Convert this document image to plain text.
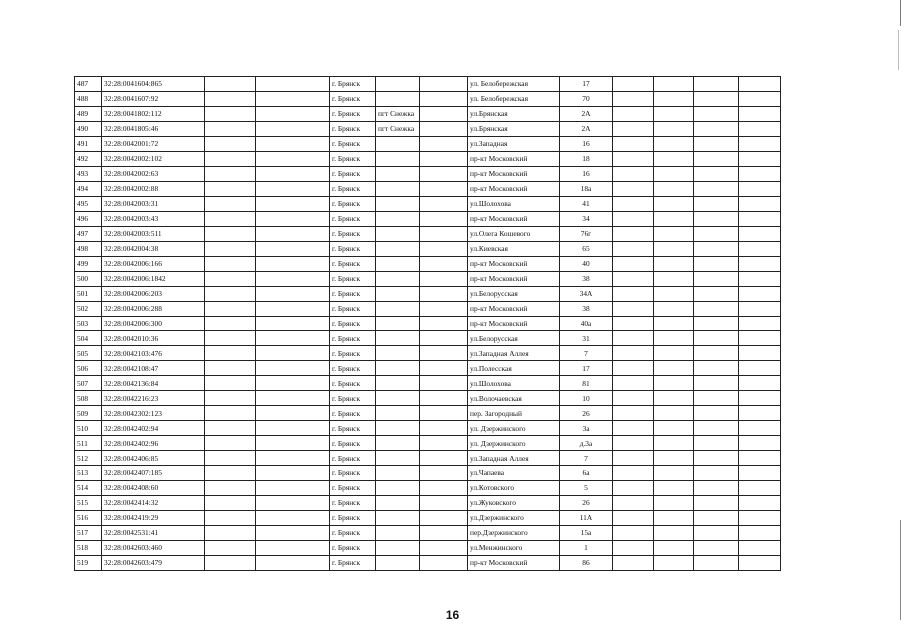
487	32:28:0041604:865			г. Брянск			ул. Белобережская	17				
488	32:28:0041607:92			г. Брянск			ул. Белобережская	70				
489	32:28:0041802:112			г. Брянск	пгт Снежка		ул.Брянская	2А				
490	32:28:0041805:46			г. Брянск	пгт Снежка		ул.Брянская	2А				
491	32:28:0042001:72			г. Брянск			ул.Западная	16				
492	32:28:0042002:102			г. Брянск			пр-кт Московский	18				
493	32:28:0042002:63			г. Брянск			пр-кт Московский	16				
494	32:28:0042002:88			г. Брянск			пр-кт Московский	18а				
495	32:28:0042003:31			г. Брянск			ул.Шолохова	41				
496	32:28:0042003:43			г. Брянск			пр-кт Московский	34				
497	32:28:0042003:511			г. Брянск			ул.Олега Кошевого	76г				
498	32:28:0042004:38			г. Брянск			ул.Киевская	65				
499	32:28:0042006:166			г. Брянск			пр-кт Московский	40				
500	32:28:0042006:1842			г. Брянск			пр-кт Московский	38				
501	32:28:0042006:203			г. Брянск			ул.Белорусская	34А				
502	32:28:0042006:288			г. Брянск			пр-кт Московский	38				
503	32:28:0042006:300			г. Брянск			пр-кт Московский	40а				
504	32:28:0042010:36			г. Брянск			ул.Белорусская	31				
505	32:28:0042103:476			г. Брянск			ул.Западная Аллея	7				
506	32:28:0042108:47			г. Брянск			ул.Полесская	17				
507	32:28:0042136:84			г. Брянск			ул.Шолохова	81				
508	32:28:0042216:23			г. Брянск			ул.Волочаевская	10				
509	32:28:0042302:123			г. Брянск			пер. Загородный	26				
510	32:28:0042402:94			г. Брянск			ул. Дзержинского	3а				
511	32:28:0042402:96			г. Брянск			ул. Дзержинского	д.3а				
512	32:28:0042406:85			г. Брянск			ул.Западная Аллея	7				
513	32:28:0042407:185			г. Брянск			ул.Чапаева	6а				
514	32:28:0042408:60			г. Брянск			ул.Котовского	5				
515	32:28:0042414:32			г. Брянск			ул.Жуковского	26				
516	32:28:0042419:29			г. Брянск			ул.Дзержинского	11А				
517	32:28:0042531:41			г. Брянск			пер.Дзержинского	15а				
518	32:28:0042603:460			г. Брянск			ул.Менжинского	1				
519	32:28:0042603:479			г. Брянск			пр-кт Московский	86				
16
